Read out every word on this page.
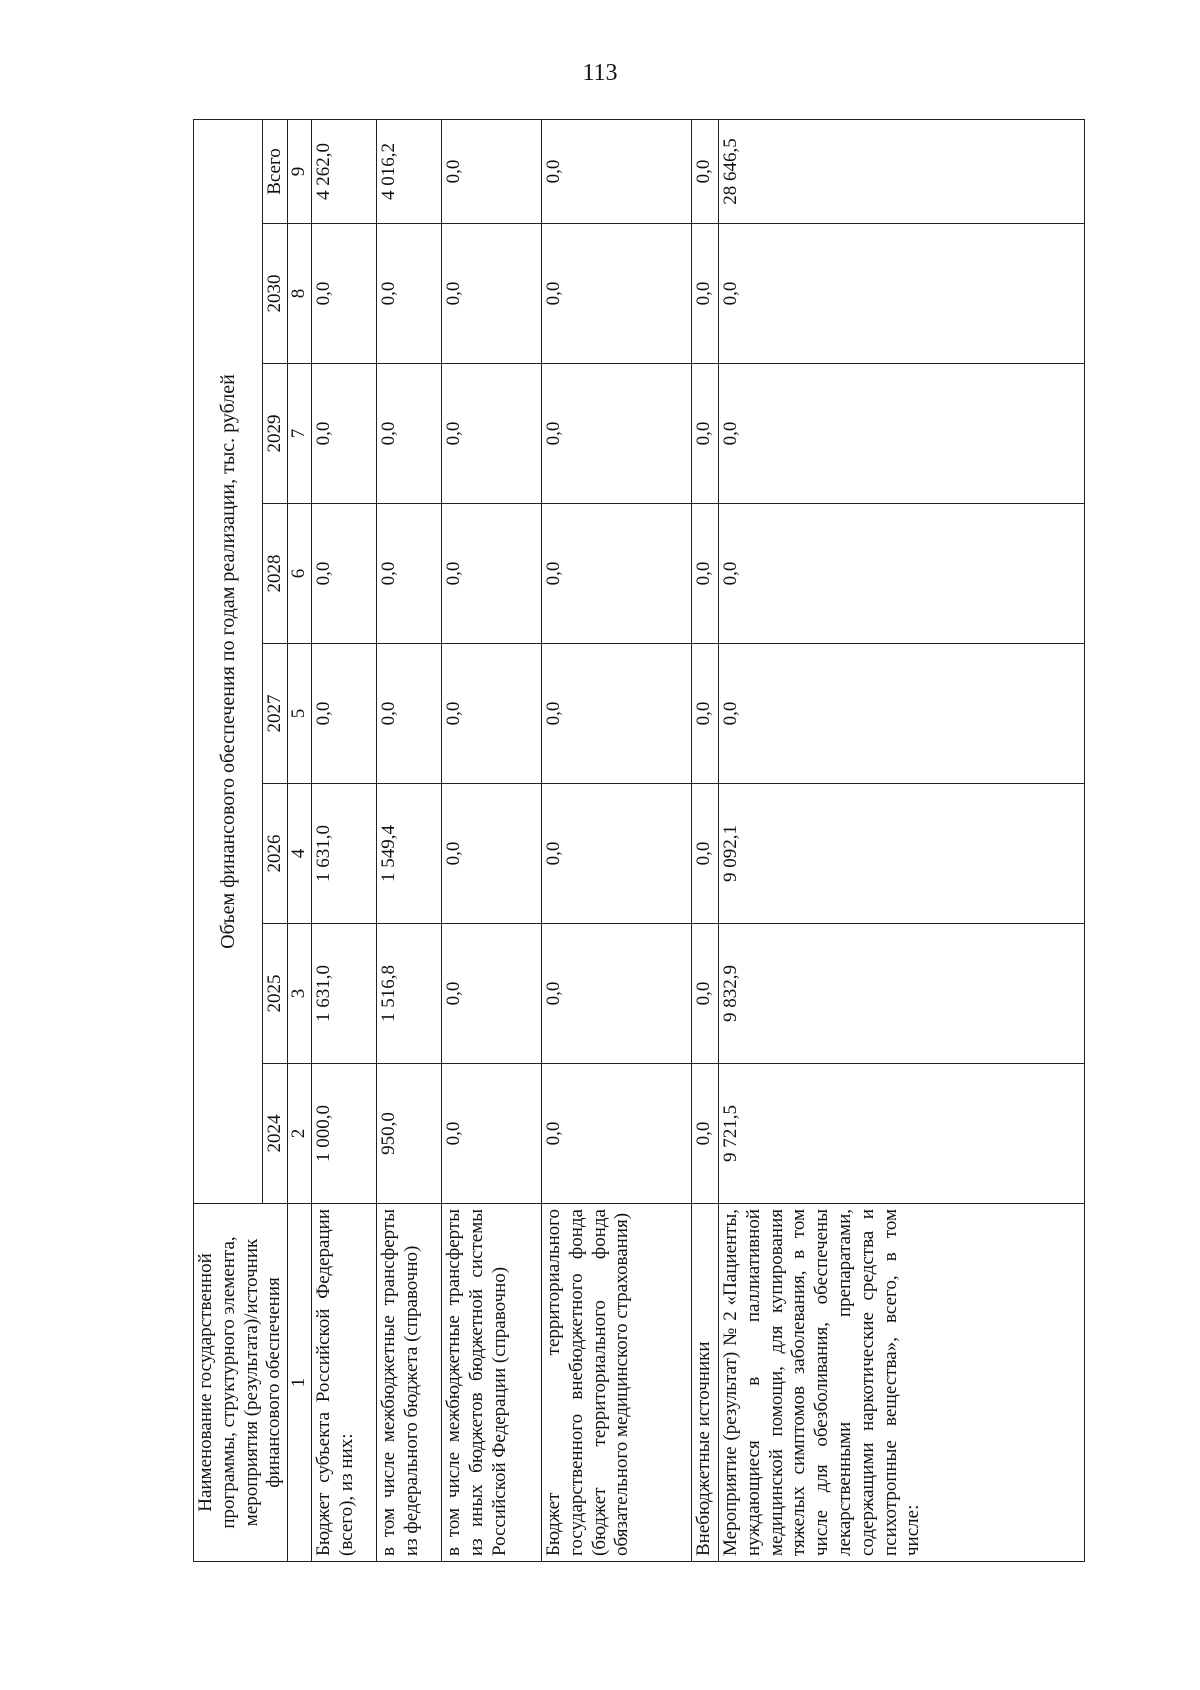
113
Наименование государственной программы, структурного элемента, мероприятия (результата)/источник финансового обеспечения	Объем финансового обеспечения по годам реализации, тыс. рублей							
	2024	2025	2026	2027	2028	2029	2030	Всего
1	2	3	4	5	6	7	8	9
Бюджет субъекта Российской Федерации (всего), из них:	1 000,0	1 631,0	1 631,0	0,0	0,0	0,0	0,0	4 262,0
в том числе межбюджетные трансферты из федерального бюджета (справочно)	950,0	1 516,8	1 549,4	0,0	0,0	0,0	0,0	4 016,2
в том числе межбюджетные трансферты из иных бюджетов бюджетной системы Российской Федерации (справочно)	0,0	0,0	0,0	0,0	0,0	0,0	0,0	0,0
Бюджет территориального государственного внебюджетного фонда (бюджет территориального фонда обязательного медицинского страхования)	0,0	0,0	0,0	0,0	0,0	0,0	0,0	0,0
Внебюджетные источники	0,0	0,0	0,0	0,0	0,0	0,0	0,0	0,0
Мероприятие (результат) № 2 «Пациенты, нуждающиеся в паллиативной медицинской помощи, для купирования тяжелых симптомов заболевания, в том числе для обезболивания, обеспечены лекарственными препаратами, содержащими наркотические средства и психотропные вещества», всего, в том числе:	9 721,5	9 832,9	9 092,1	0,0	0,0	0,0	0,0	28 646,5
